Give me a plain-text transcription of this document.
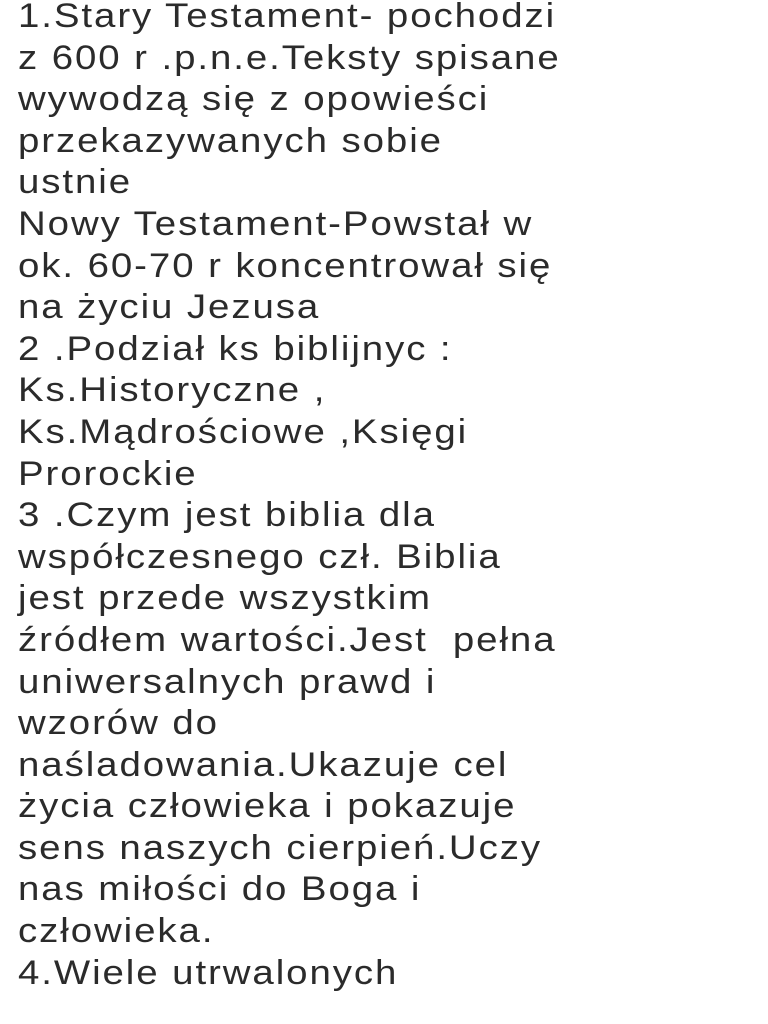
1.Stary Testament- pochodzi
z 600 r .p.n.e.Teksty spisane
wywodzą się z opowieści
przekazywanych sobie
ustnie
Nowy Testament-Powstał w
ok. 60-70 r koncentrował się
na życiu Jezusa
2 .Podział ks biblijnyc :
Ks.Historyczne ,
Ks.Mądrościowe ,Księgi
Prorockie
3 .Czym jest biblia dla
współczesnego czł. Biblia
jest przede wszystkim
źródłem wartości.Jest  pełna
uniwersalnych prawd i
wzorów do
naśladowania.Ukazuje cel
życia człowieka i pokazuje
sens naszych cierpień.Uczy
nas miłości do Boga i
człowieka.
4.Wiele utrwalonych
